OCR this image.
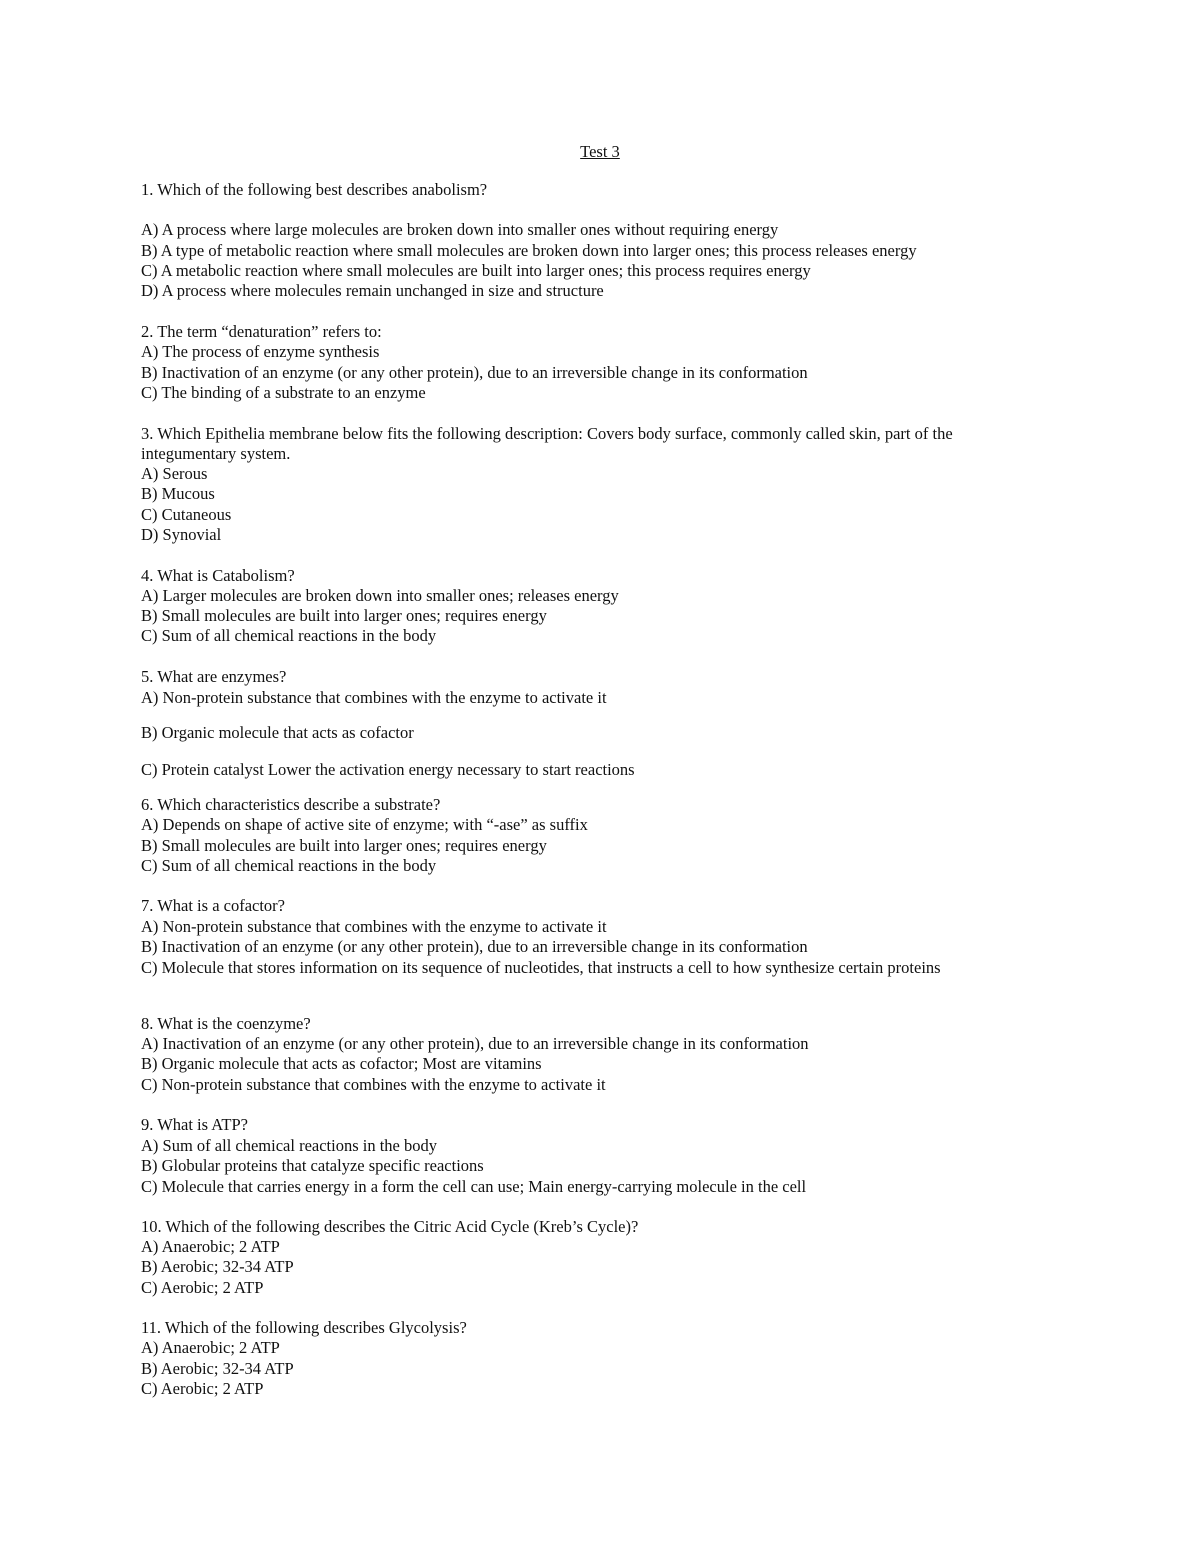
Test 3
1. Which of the following best describes anabolism?
A) A process where large molecules are broken down into smaller ones without requiring energy
B) A type of metabolic reaction where small molecules are broken down into larger ones; this process releases energy
C) A metabolic reaction where small molecules are built into larger ones; this process requires energy
D) A process where molecules remain unchanged in size and structure
2. The term “denaturation” refers to:
A) The process of enzyme synthesis
B) Inactivation of an enzyme (or any other protein), due to an irreversible change in its conformation
C) The binding of a substrate to an enzyme
3. Which Epithelia membrane below fits the following description: Covers body surface, commonly called skin, part of the
integumentary system.
A) Serous
B) Mucous
C) Cutaneous
D) Synovial
4. What is Catabolism?
A) Larger molecules are broken down into smaller ones; releases energy
B) Small molecules are built into larger ones; requires energy
C) Sum of all chemical reactions in the body
5. What are enzymes?
A) Non-protein substance that combines with the enzyme to activate it
B) Organic molecule that acts as cofactor
C) Protein catalyst Lower the activation energy necessary to start reactions
6. Which characteristics describe a substrate?
A) Depends on shape of active site of enzyme; with “-ase” as suffix
B) Small molecules are built into larger ones; requires energy
C) Sum of all chemical reactions in the body
7. What is a cofactor?
A) Non-protein substance that combines with the enzyme to activate it
B) Inactivation of an enzyme (or any other protein), due to an irreversible change in its conformation
C) Molecule that stores information on its sequence of nucleotides, that instructs a cell to how synthesize certain proteins
8. What is the coenzyme?
A) Inactivation of an enzyme (or any other protein), due to an irreversible change in its conformation
B) Organic molecule that acts as cofactor; Most are vitamins
C) Non-protein substance that combines with the enzyme to activate it
9. What is ATP?
A) Sum of all chemical reactions in the body
B) Globular proteins that catalyze specific reactions
C) Molecule that carries energy in a form the cell can use; Main energy-carrying molecule in the cell
10. Which of the following describes the Citric Acid Cycle (Kreb’s Cycle)?
A) Anaerobic; 2 ATP
B) Aerobic; 32-34 ATP
C) Aerobic; 2 ATP
11. Which of the following describes Glycolysis?
A) Anaerobic; 2 ATP
B) Aerobic; 32-34 ATP
C) Aerobic; 2 ATP
